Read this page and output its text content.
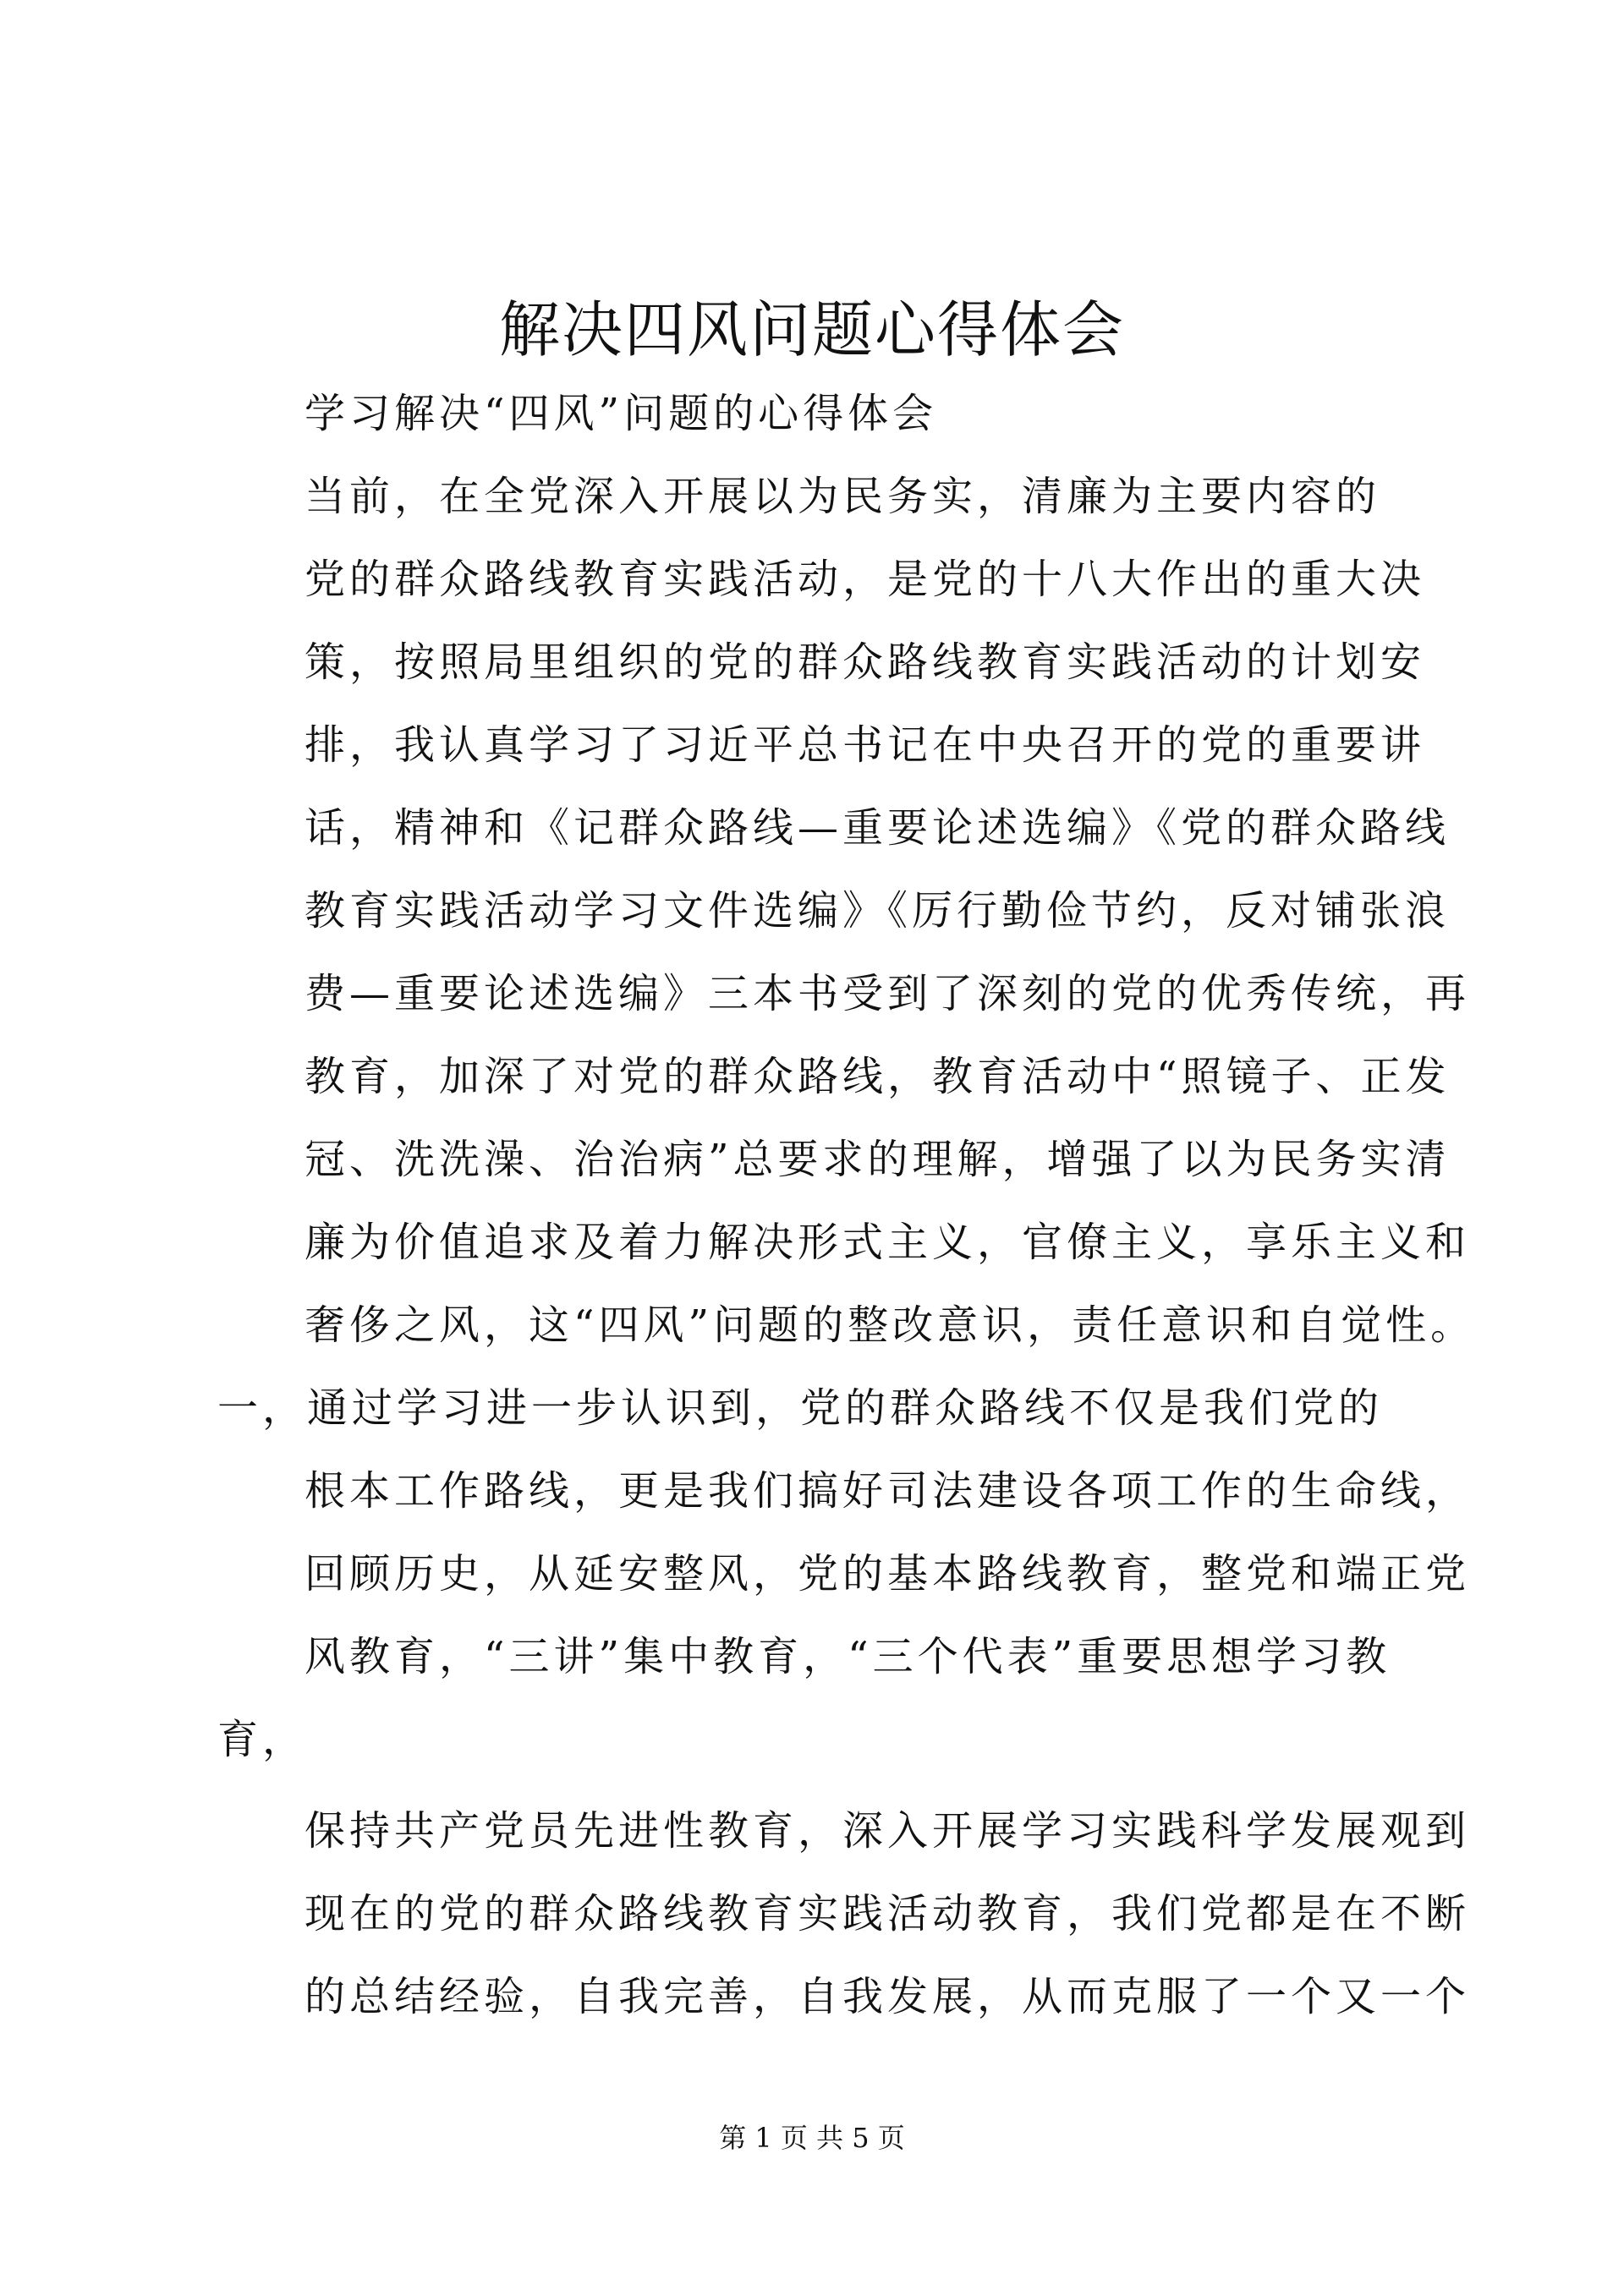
解决四风问题心得体会

学习解决“四风”问题的心得体会

当前，在全党深入开展以为民务实，清廉为主要内容的

党的群众路线教育实践活动，是党的十八大作出的重大决

策，按照局里组织的党的群众路线教育实践活动的计划安

排，我认真学习了习近平总书记在中央召开的党的重要讲

话，精神和《记群众路线—重要论述选编》《党的群众路线

教育实践活动学习文件选编》《厉行勤俭节约，反对铺张浪

费—重要论述选编》三本书受到了深刻的党的优秀传统，再

教育，加深了对党的群众路线，教育活动中“照镜子、正发

冠、洗洗澡、治治病”总要求的理解，增强了以为民务实清

廉为价值追求及着力解决形式主义，官僚主义，享乐主义和

奢侈之风，这“四风”问题的整改意识，责任意识和自觉性。

一，通过学习进一步认识到，党的群众路线不仅是我们党的

根本工作路线，更是我们搞好司法建设各项工作的生命线，

回顾历史，从延安整风，党的基本路线教育，整党和端正党

风教育，“三讲”集中教育，“三个代表”重要思想学习教

育，

保持共产党员先进性教育，深入开展学习实践科学发展观到

现在的党的群众路线教育实践活动教育，我们党都是在不断

的总结经验，自我完善，自我发展，从而克服了一个又一个

第 1 页 共 5 页
